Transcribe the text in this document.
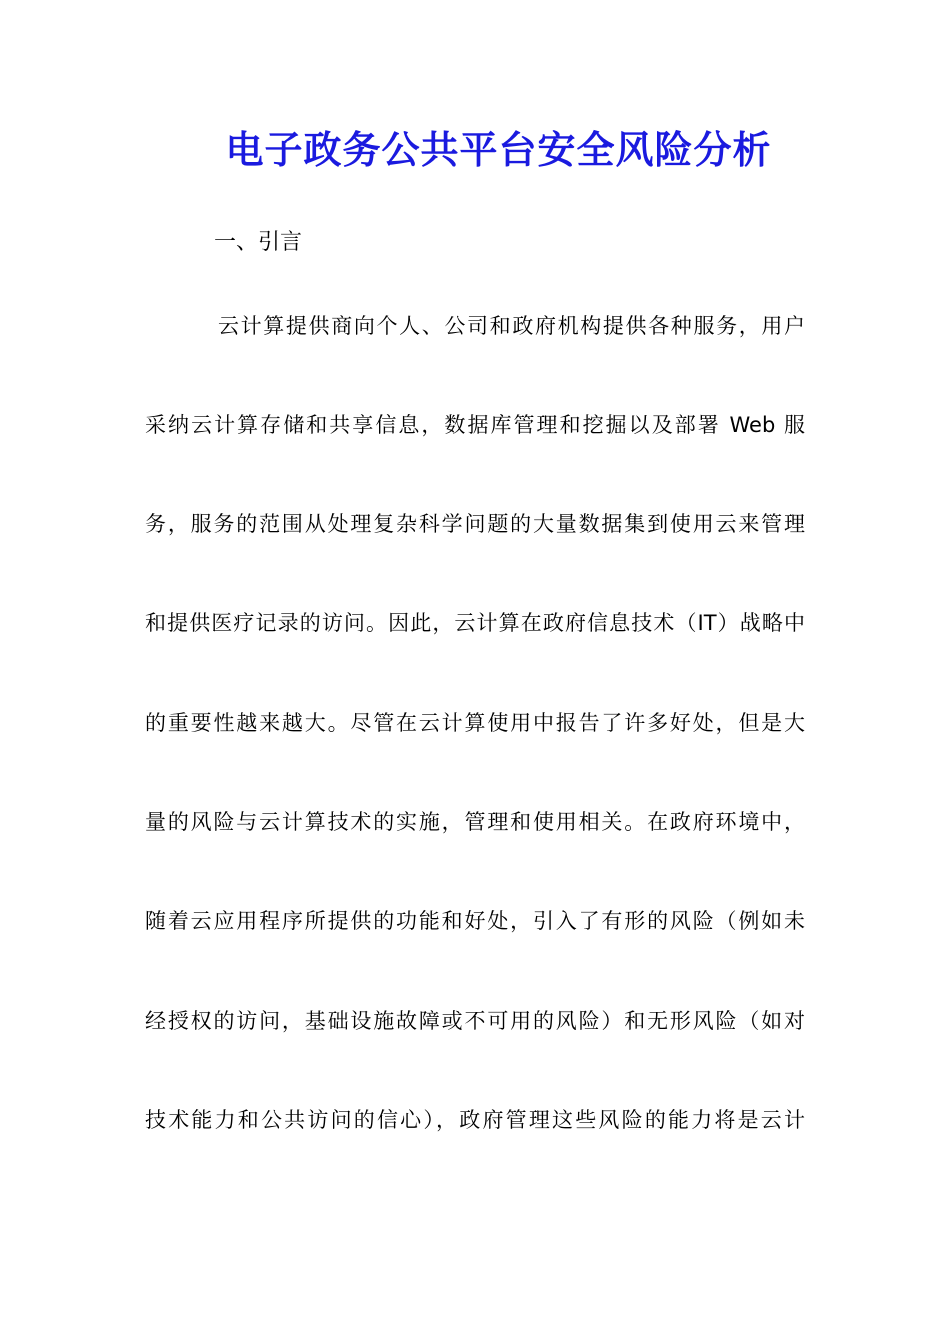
电子政务公共平台安全风险分析
一、引言
云计算提供商向个人、公司和政府机构提供各种服务，用户
采纳云计算存储和共享信息，数据库管理和挖掘以及部署 Web 服
务，服务的范围从处理复杂科学问题的大量数据集到使用云来管理
和提供医疗记录的访问。因此，云计算在政府信息技术（IT）战略中
的重要性越来越大。尽管在云计算使用中报告了许多好处，但是大
量的风险与云计算技术的实施，管理和使用相关。在政府环境中，
随着云应用程序所提供的功能和好处，引入了有形的风险（例如未
经授权的访问，基础设施故障或不可用的风险）和无形风险（如对
技术能力和公共访问的信心），政府管理这些风险的能力将是云计
